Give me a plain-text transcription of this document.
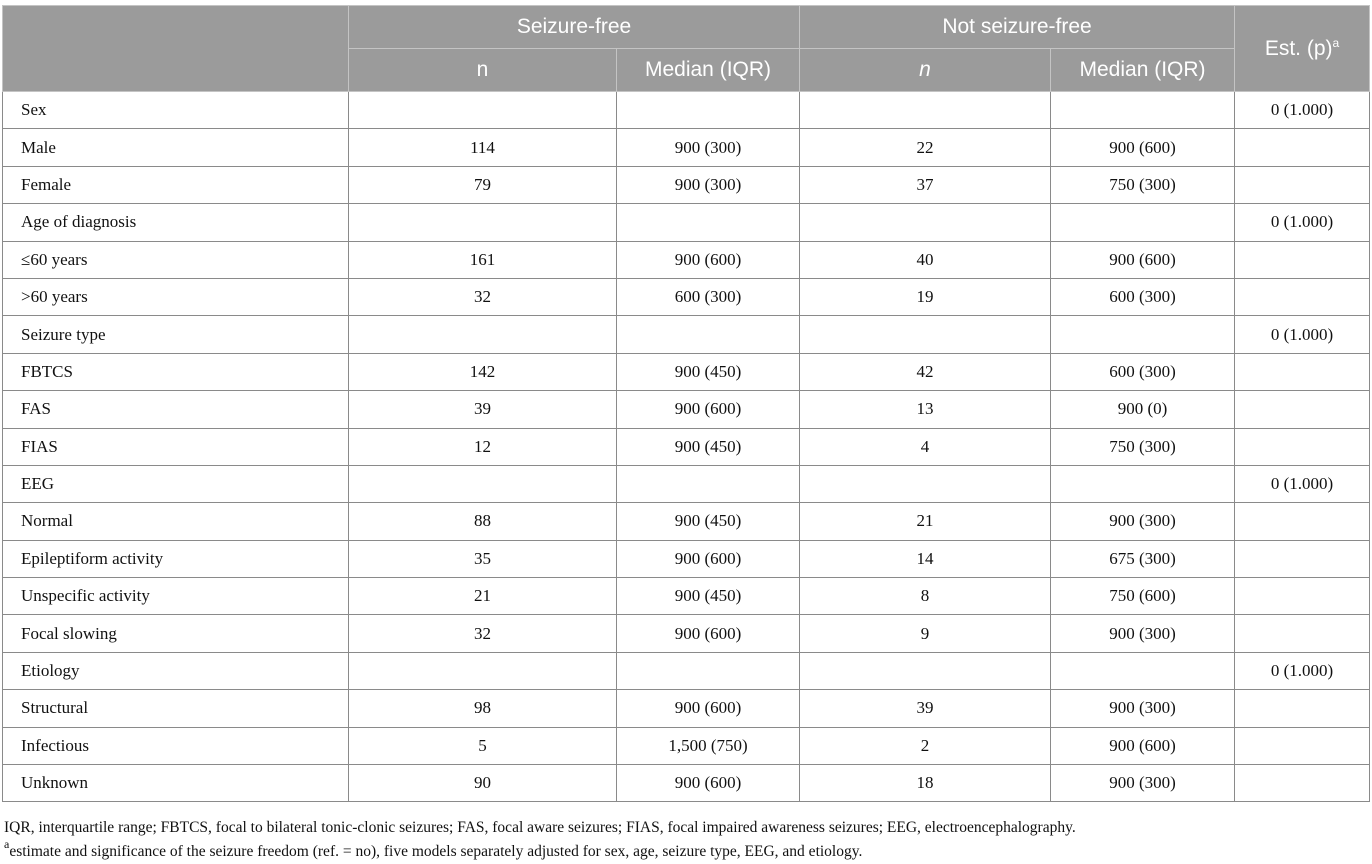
	Seizure-free		Not seizure-free		Est. $(p)^a$
	n	Median (IQR)	n	Median (IQR)	
Sex					0 (1.000)
Male	114	900 (300)	22	900 (600)	
Female	79	900 (300)	37	750 (300)	
Age of diagnosis					0 (1.000)
≤60 years	161	900 (600)	40	900 (600)	
>60 years	32	600 (300)	19	600 (300)	
Seizure type					0 (1.000)
FBTCS	142	900 (450)	42	600 (300)	
FAS	39	900 (600)	13	900 (0)	
FIAS	12	900 (450)	4	750 (300)	
EEG					0 (1.000)
Normal	88	900 (450)	21	900 (300)	
Epileptiform activity	35	900 (600)	14	675 (300)	
Unspecific activity	21	900 (450)	8	750 (600)	
Focal slowing	32	900 (600)	9	900 (300)	
Etiology					0 (1.000)
Structural	98	900 (600)	39	900 (300)	
Infectious	5	1,500 (750)	2	900 (600)	
Unknown	90	900 (600)	18	900 (300)	
IQR, interquartile range; FBTCS, focal to bilateral tonic-clonic seizures; FAS, focal aware seizures; FIAS, focal impaired awareness seizures; EEG, electroencephalography.
$^a$estimate and significance of the seizure freedom (ref. = no), five models separately adjusted for sex, age, seizure type, EEG, and etiology.
